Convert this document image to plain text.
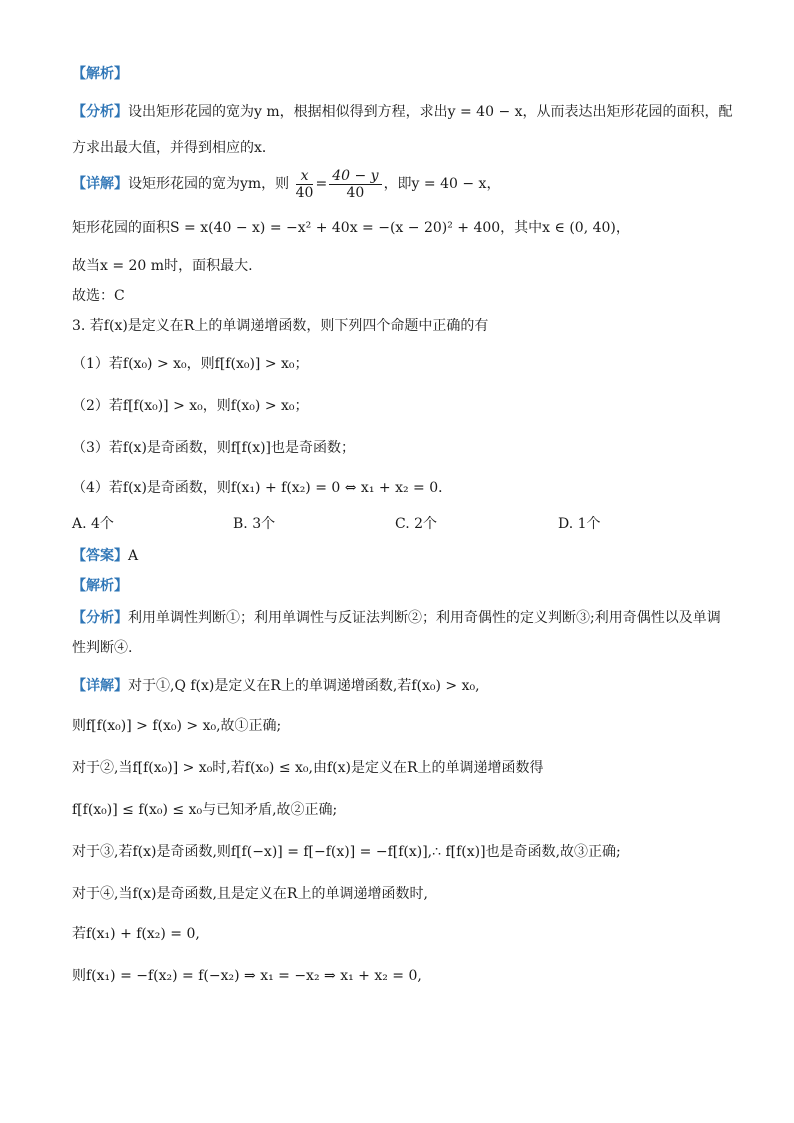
【解析】
【分析】设出矩形花园的宽为y m，根据相似得到方程，求出y = 40 − x，从而表达出矩形花园的面积，配
方求出最大值，并得到相应的x．
【详解】设矩形花园的宽为ym，则 $\frac{x}{40} = \frac{40 - y}{40}$ ，即y = 40 − x，
矩形花园的面积S = x(40 − x) = −x² + 40x = −(x − 20)² + 400，其中x ∈ (0, 40)，
故当x = 20 m时，面积最大.
故选：C
3. 若f(x)是定义在R上的单调递增函数，则下列四个命题中正确的有
（1）若f(x₀) > x₀，则f[f(x₀)] > x₀；
（2）若f[f(x₀)] > x₀，则f(x₀) > x₀；
（3）若f(x)是奇函数，则f[f(x)]也是奇函数；
（4）若f(x)是奇函数，则f(x₁) + f(x₂) = 0 ⇔ x₁ + x₂ = 0．
A. 4个	B. 3个	C. 2个	D. 1个
【答案】A
【解析】
【分析】利用单调性判断①；利用单调性与反证法判断②；利用奇偶性的定义判断③;利用奇偶性以及单调
性判断④.
【详解】对于①,Q f(x)是定义在R上的单调递增函数,若f(x₀) > x₀,
则f[f(x₀)] > f(x₀) > x₀,故①正确;
对于②,当f[f(x₀)] > x₀时,若f(x₀) ≤ x₀,由f(x)是定义在R上的单调递增函数得
f[f(x₀)] ≤ f(x₀) ≤ x₀与已知矛盾,故②正确;
对于③,若f(x)是奇函数,则f[f(−x)] = f[−f(x)] = −f[f(x)],∴ f[f(x)]也是奇函数,故③正确;
对于④,当f(x)是奇函数,且是定义在R上的单调递增函数时,
若f(x₁) + f(x₂) = 0,
则f(x₁) = −f(x₂) = f(−x₂) ⇒ x₁ = −x₂ ⇒ x₁ + x₂ = 0,
